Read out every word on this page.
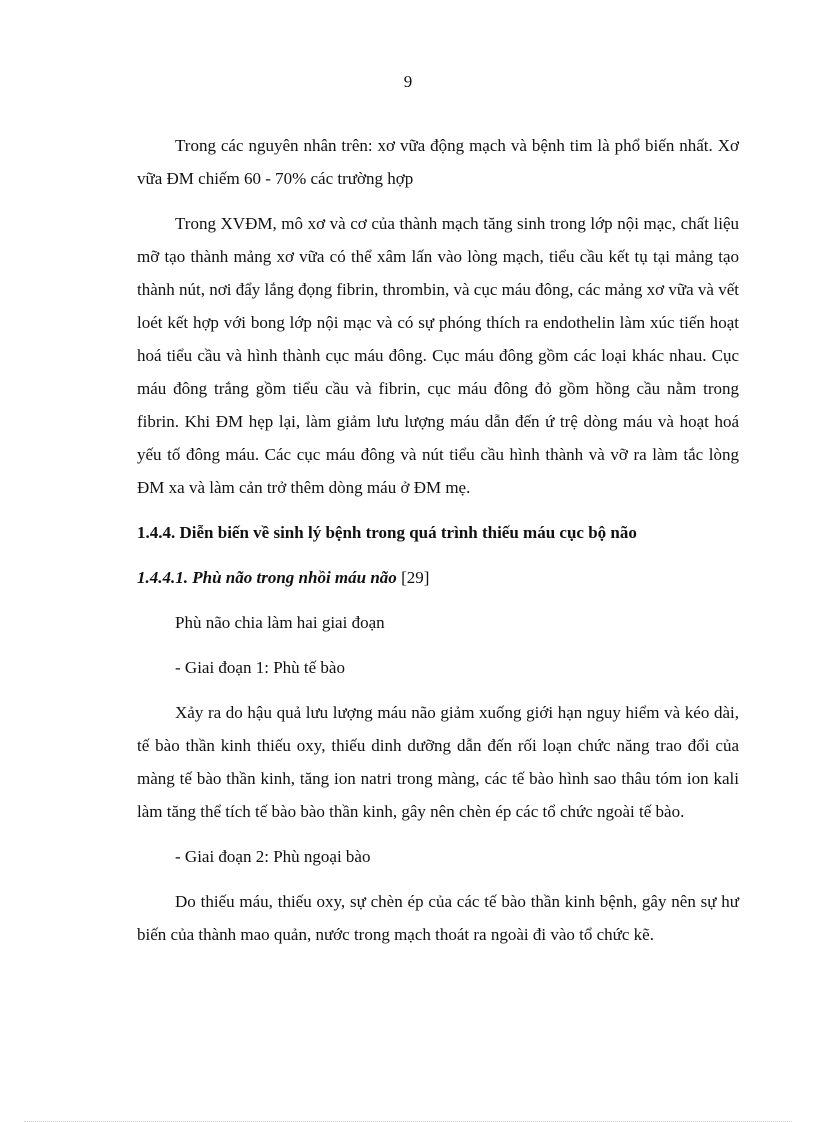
9

Trong các nguyên nhân trên: xơ vữa động mạch và bệnh tim là phổ biến nhất. Xơ vữa ĐM chiếm 60 - 70% các trường hợp

Trong XVĐM, mô xơ và cơ của thành mạch tăng sinh trong lớp nội mạc, chất liệu mỡ tạo thành mảng xơ vữa có thể xâm lấn vào lòng mạch, tiểu cầu kết tụ tại mảng tạo thành nút, nơi đẩy lắng đọng fibrin, thrombin, và cục máu đông, các mảng xơ vữa và vết loét kết hợp với bong lớp nội mạc và có sự phóng thích ra endothelin làm xúc tiến hoạt hoá tiểu cầu và hình thành cục máu đông. Cục máu đông gồm các loại khác nhau. Cục máu đông trắng gồm tiểu cầu và fibrin, cục máu đông đỏ gồm hồng cầu nằm trong fibrin. Khi ĐM hẹp lại, làm giảm lưu lượng máu dẫn đến ứ trệ dòng máu và hoạt hoá yếu tố đông máu. Các cục máu đông và nút tiểu cầu hình thành và vỡ ra làm tắc lòng ĐM xa và làm cản trở thêm dòng máu ở ĐM mẹ.

1.4.4. Diễn biến về sinh lý bệnh trong quá trình thiếu máu cục bộ não

1.4.4.1. Phù não trong nhồi máu não [29]

Phù não chia làm hai giai đoạn

- Giai đoạn 1: Phù tế bào

Xảy ra do hậu quả lưu lượng máu não giảm xuống giới hạn nguy hiểm và kéo dài, tế bào thần kinh thiếu oxy, thiếu dinh dưỡng dẫn đến rối loạn chức năng trao đổi của màng tế bào thần kinh, tăng ion natri trong màng, các tế bào hình sao thâu tóm ion kali làm tăng thể tích tế bào bào thần kinh, gây nên chèn ép các tổ chức ngoài tế bào.

- Giai đoạn 2: Phù ngoại bào

Do thiếu máu, thiếu oxy, sự chèn ép của các tế bào thần kinh bệnh, gây nên sự hư biến của thành mao quản, nước trong mạch thoát ra ngoài đi vào tổ chức kẽ.
